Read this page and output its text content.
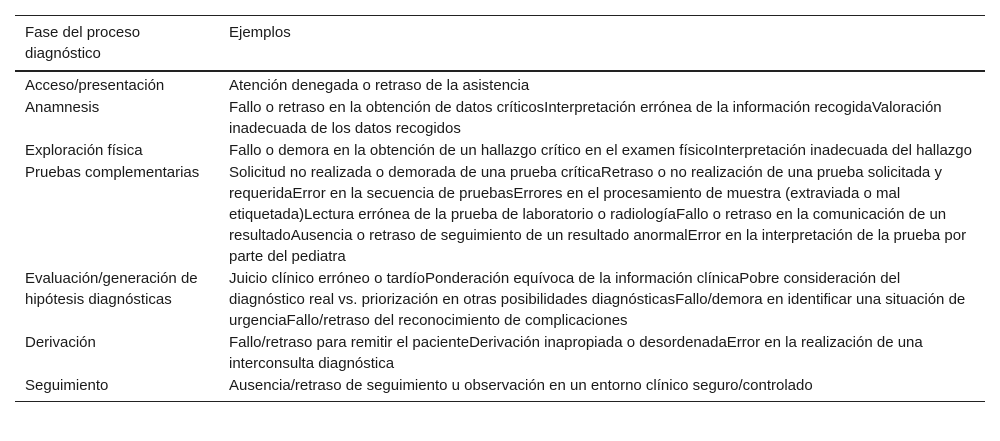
Fase del proceso diagnóstico	Ejemplos
Acceso/presentación	Atención denegada o retraso de la asistencia
Anamnesis	Fallo o retraso en la obtención de datos críticosInterpretación errónea de la información recogidaValoración inadecuada de los datos recogidos
Exploración física	Fallo o demora en la obtención de un hallazgo crítico en el examen físicoInterpretación inadecuada del hallazgo
Pruebas complementarias	Solicitud no realizada o demorada de una prueba críticaRetraso o no realización de una prueba solicitada y requeridaError en la secuencia de pruebasErrores en el procesamiento de muestra (extraviada o mal etiquetada)Lectura errónea de la prueba de laboratorio o radiologíaFallo o retraso en la comunicación de un resultadoAusencia o retraso de seguimiento de un resultado anormalError en la interpretación de la prueba por parte del pediatra
Evaluación/generación de hipótesis diagnósticas	Juicio clínico erróneo o tardíoPonderación equívoca de la información clínicaPobre consideración del diagnóstico real vs. priorización en otras posibilidades diagnósticasFallo/demora en identificar una situación de urgenciaFallo/retraso del reconocimiento de complicaciones
Derivación	Fallo/retraso para remitir el pacienteDerivación inapropiada o desordenadaError en la realización de una interconsulta diagnóstica
Seguimiento	Ausencia/retraso de seguimiento u observación en un entorno clínico seguro/controlado
